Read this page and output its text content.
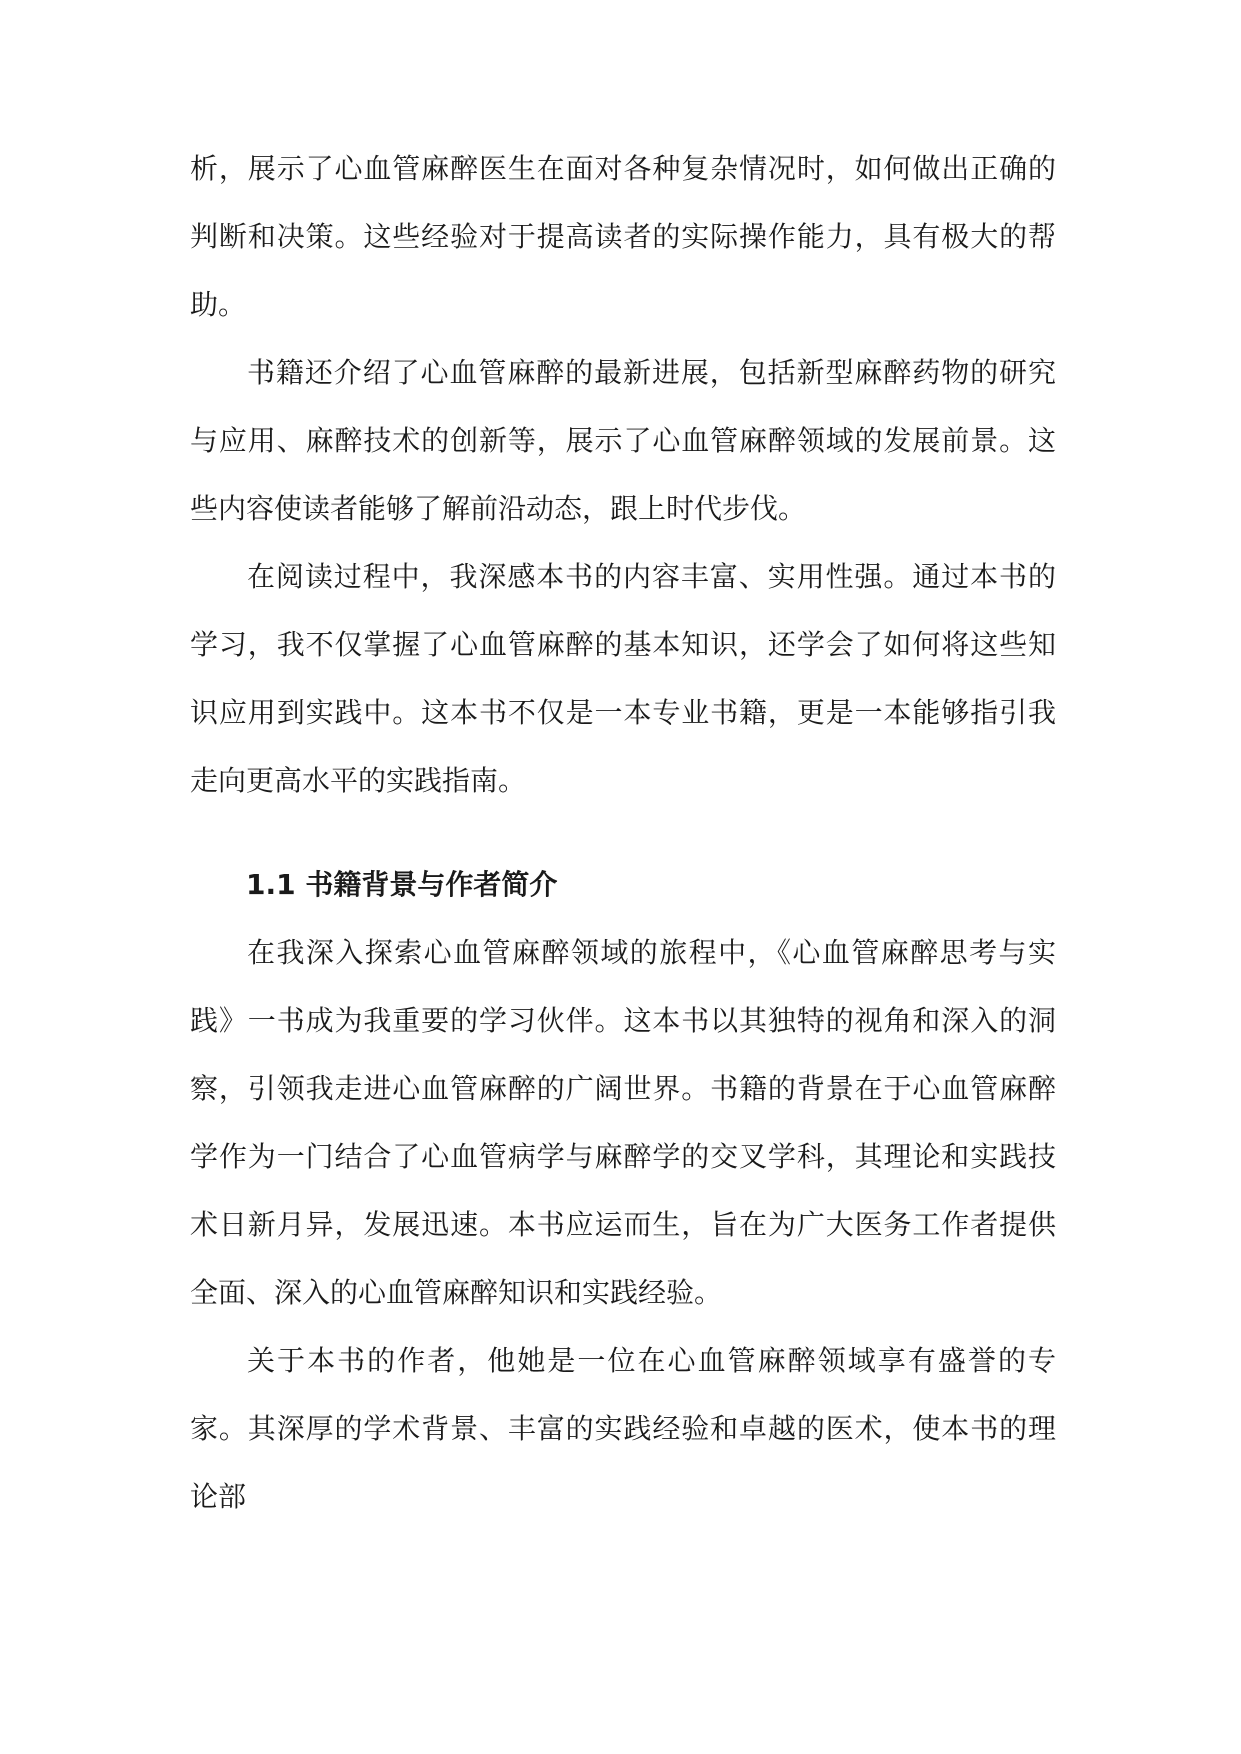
析，展示了心血管麻醉医生在面对各种复杂情况时，如何做出正确的判断和决策。这些经验对于提高读者的实际操作能力，具有极大的帮助。

书籍还介绍了心血管麻醉的最新进展，包括新型麻醉药物的研究与应用、麻醉技术的创新等，展示了心血管麻醉领域的发展前景。这些内容使读者能够了解前沿动态，跟上时代步伐。

在阅读过程中，我深感本书的内容丰富、实用性强。通过本书的学习，我不仅掌握了心血管麻醉的基本知识，还学会了如何将这些知识应用到实践中。这本书不仅是一本专业书籍，更是一本能够指引我走向更高水平的实践指南。

1.1 书籍背景与作者简介

在我深入探索心血管麻醉领域的旅程中，《心血管麻醉思考与实践》一书成为我重要的学习伙伴。这本书以其独特的视角和深入的洞察，引领我走进心血管麻醉的广阔世界。书籍的背景在于心血管麻醉学作为一门结合了心血管病学与麻醉学的交叉学科，其理论和实践技术日新月异，发展迅速。本书应运而生，旨在为广大医务工作者提供全面、深入的心血管麻醉知识和实践经验。

关于本书的作者，他她是一位在心血管麻醉领域享有盛誉的专家。其深厚的学术背景、丰富的实践经验和卓越的医术，使本书的理论部
